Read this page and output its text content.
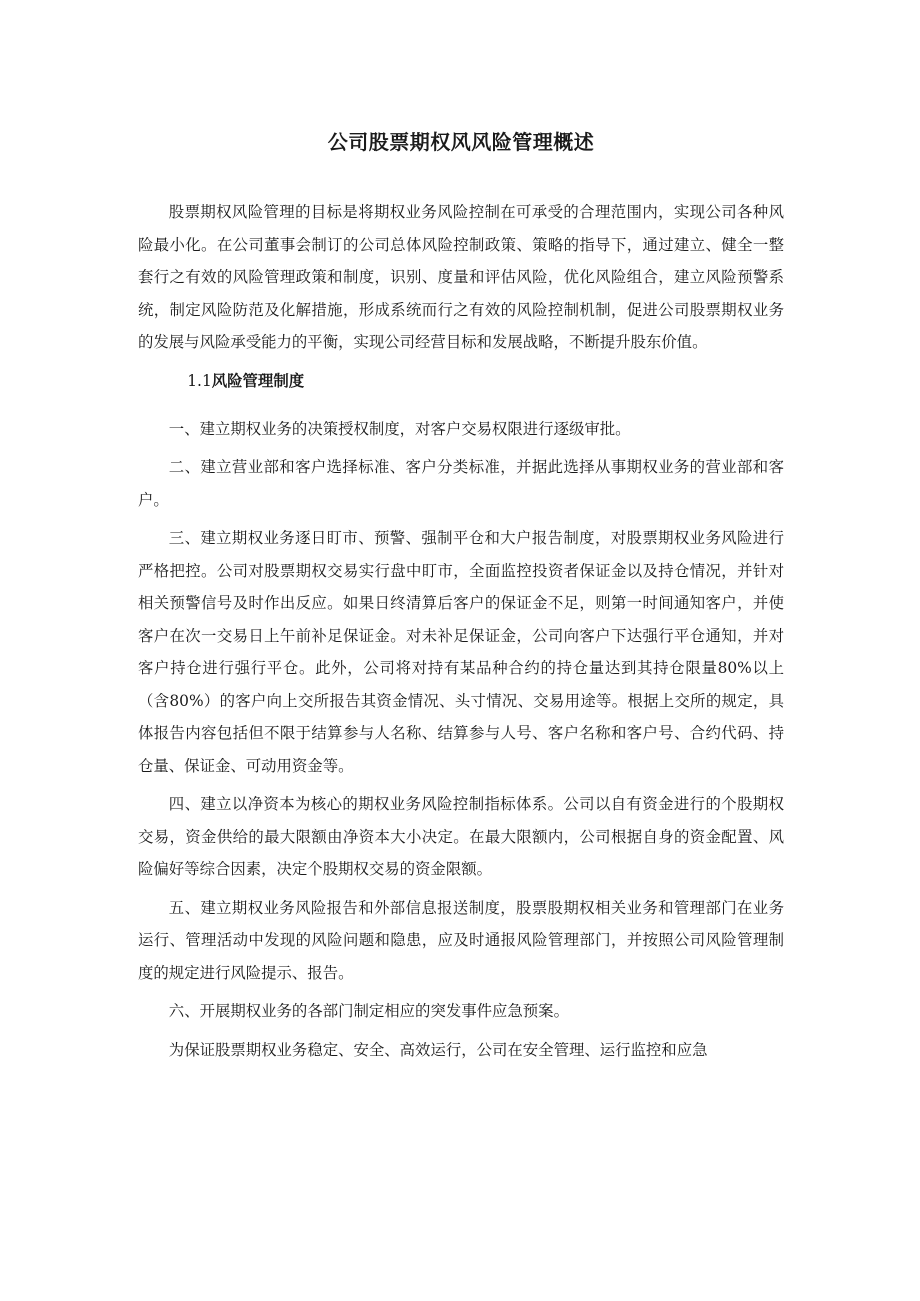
公司股票期权风风险管理概述

股票期权风险管理的目标是将期权业务风险控制在可承受的合理范围内，实现公司各种风险最小化。在公司董事会制订的公司总体风险控制政策、策略的指导下，通过建立、健全一整套行之有效的风险管理政策和制度，识别、度量和评估风险，优化风险组合，建立风险预警系统，制定风险防范及化解措施，形成系统而行之有效的风险控制机制，促进公司股票期权业务的发展与风险承受能力的平衡，实现公司经营目标和发展战略，不断提升股东价值。

1.1风险管理制度

一、建立期权业务的决策授权制度，对客户交易权限进行逐级审批。

二、建立营业部和客户选择标准、客户分类标准，并据此选择从事期权业务的营业部和客户。

三、建立期权业务逐日盯市、预警、强制平仓和大户报告制度，对股票期权业务风险进行严格把控。公司对股票期权交易实行盘中盯市，全面监控投资者保证金以及持仓情况，并针对相关预警信号及时作出反应。如果日终清算后客户的保证金不足，则第一时间通知客户，并使客户在次一交易日上午前补足保证金。对未补足保证金，公司向客户下达强行平仓通知，并对客户持仓进行强行平仓。此外，公司将对持有某品种合约的持仓量达到其持仓限量80%以上（含80%）的客户向上交所报告其资金情况、头寸情况、交易用途等。根据上交所的规定，具体报告内容包括但不限于结算参与人名称、结算参与人号、客户名称和客户号、合约代码、持仓量、保证金、可动用资金等。

四、建立以净资本为核心的期权业务风险控制指标体系。公司以自有资金进行的个股期权交易，资金供给的最大限额由净资本大小决定。在最大限额内，公司根据自身的资金配置、风险偏好等综合因素，决定个股期权交易的资金限额。

五、建立期权业务风险报告和外部信息报送制度，股票股期权相关业务和管理部门在业务运行、管理活动中发现的风险问题和隐患，应及时通报风险管理部门，并按照公司风险管理制度的规定进行风险提示、报告。

六、开展期权业务的各部门制定相应的突发事件应急预案。

为保证股票期权业务稳定、安全、高效运行，公司在安全管理、运行监控和应急
